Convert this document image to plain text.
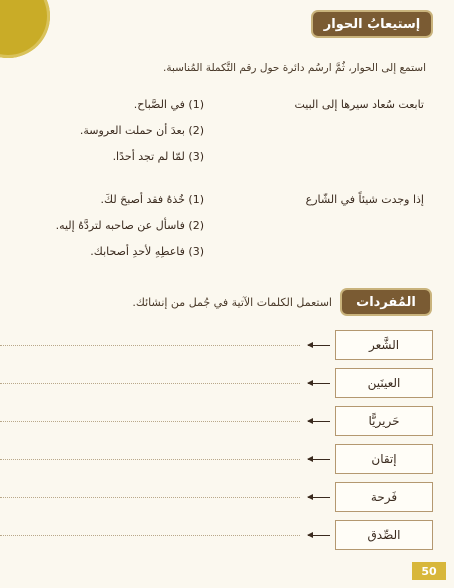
إستيعابُ الحوار
استمع إلى الحوار، ثُمَّ ارسُم دائرة حول رقم التَّكملة المُناسبة.
تابعت سُعاد سيرها إلى البيت
(1) في الصَّباح.
(2) بعدَ أن حملت العروسة.
(3) لمّا لم تجد أحدًا.
إذا وجدت شيئاً في الشّارع
(1) خُذهُ فقد أصبحَ لكَ.
(2) فاسأل عن صاحبه لتردَّهُ إليه.
(3) فاعطِهِ لأحدِ أصحابك.
المُفردات
استعمل الكلمات الآتية في جُمل من إنشائك.
الشَّعر
العينَين
حَريريًّا
إتقان
فَرحة
الصِّدق
50
